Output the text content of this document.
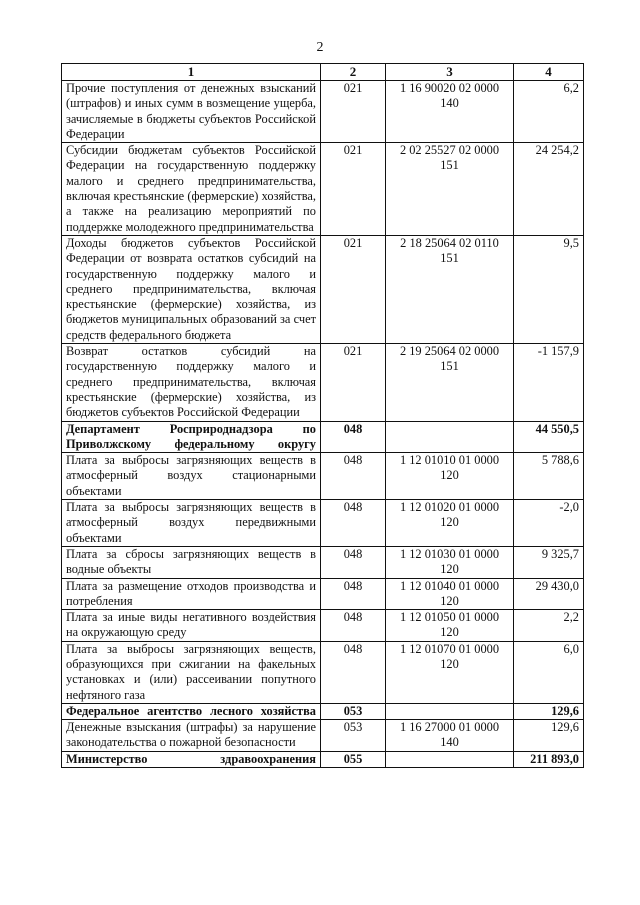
2
1	2	3	4
Прочие поступления от денежных взысканий (штрафов) и иных сумм в возмещение ущерба, зачисляемые в бюджеты субъектов Российской Федерации	021	1 16 90020 02 0000 140	6,2
Субсидии бюджетам субъектов Российской Федерации на государственную поддержку малого и среднего предпринимательства, включая крестьянские (фермерские) хозяйства, а также на реализацию мероприятий по поддержке молодежного предпринимательства	021	2 02 25527 02 0000 151	24 254,2
Доходы бюджетов субъектов Российской Федерации от возврата остатков субсидий на государственную поддержку малого и среднего предпринимательства, включая крестьянские (фермерские) хозяйства, из бюджетов муниципальных образований за счет средств федерального бюджета	021	2 18 25064 02 0110 151	9,5
Возврат остатков субсидий на государственную поддержку малого и среднего предпринимательства, включая крестьянские (фермерские) хозяйства, из бюджетов субъектов Российской Федерации	021	2 19 25064 02 0000 151	-1 157,9
Департамент Росприроднадзора по Приволжскому федеральному округу	048		44 550,5
Плата за выбросы загрязняющих веществ в атмосферный воздух стационарными объектами	048	1 12 01010 01 0000 120	5 788,6
Плата за выбросы загрязняющих веществ в атмосферный воздух передвижными объектами	048	1 12 01020 01 0000 120	-2,0
Плата за сбросы загрязняющих веществ в водные объекты	048	1 12 01030 01 0000 120	9 325,7
Плата за размещение отходов производства и потребления	048	1 12 01040 01 0000 120	29 430,0
Плата за иные виды негативного воздействия на окружающую среду	048	1 12 01050 01 0000 120	2,2
Плата за выбросы загрязняющих веществ, образующихся при сжигании на факельных установках и (или) рассеивании попутного нефтяного газа	048	1 12 01070 01 0000 120	6,0
Федеральное агентство лесного хозяйства	053		129,6
Денежные взыскания (штрафы) за нарушение законодательства о пожарной безопасности	053	1 16 27000 01 0000 140	129,6
Министерство здравоохранения	055		211 893,0
